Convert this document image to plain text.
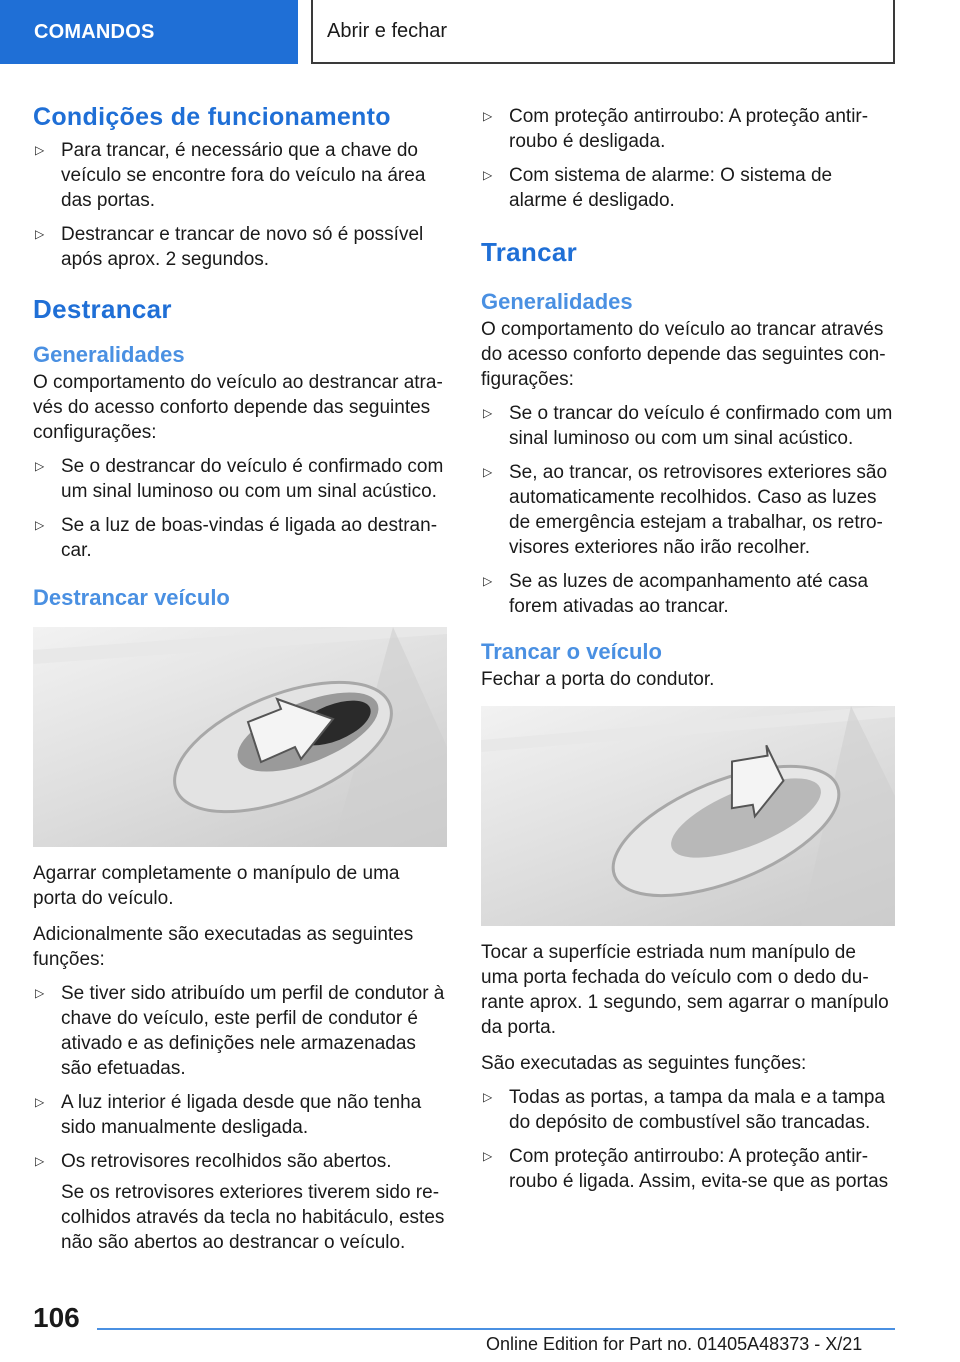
COMANDOS	Abrir e fechar
Condições de funcionamento
▷ Para trancar, é necessário que a chave do veículo se encontre fora do veículo na área das portas.
▷ Destrancar e trancar de novo só é possível após aprox. 2 segundos.
Destrancar
Generalidades

O comportamento do veículo ao destrancar através do acesso conforto depende das seguintes configurações:

▷ Se o destrancar do veículo é confirmado com um sinal luminoso ou com um sinal acústico.
▷ Se a luz de boas-vindas é ligada ao destrancar.
Destrancar veículo

Agarrar completamente o manípulo de uma porta do veículo.

Adicionalmente são executadas as seguintes funções:

▷ Se tiver sido atribuído um perfil de condutor à chave do veículo, este perfil de condutor é ativado e as definições nele armazenadas são efetuadas.
▷ A luz interior é ligada desde que não tenha sido manualmente desligada.
▷ Os retrovisores recolhidos são abertos.
Se os retrovisores exteriores tiverem sido recolhidos através da tecla no habitáculo, estes não são abertos ao destrancar o veículo.
▷ Com proteção antirroubo: A proteção antirroubo é desligada.
▷ Com sistema de alarme: O sistema de alarme é desligado.
Trancar
Generalidades

O comportamento do veículo ao trancar através do acesso conforto depende das seguintes configurações:

▷ Se o trancar do veículo é confirmado com um sinal luminoso ou com um sinal acústico.
▷ Se, ao trancar, os retrovisores exteriores são automaticamente recolhidos. Caso as luzes de emergência estejam a trabalhar, os retrovisores exteriores não irão recolher.
▷ Se as luzes de acompanhamento até casa forem ativadas ao trancar.
Trancar o veículo

Fechar a porta do condutor.

Tocar a superfície estriada num manípulo de uma porta fechada do veículo com o dedo durante aprox. 1 segundo, sem agarrar o manípulo da porta.

São executadas as seguintes funções:

▷ Todas as portas, a tampa da mala e a tampa do depósito de combustível são trancadas.
▷ Com proteção antirroubo: A proteção antirroubo é ligada. Assim, evita-se que as portas
106
Online Edition for Part no. 01405A48373 - X/21
